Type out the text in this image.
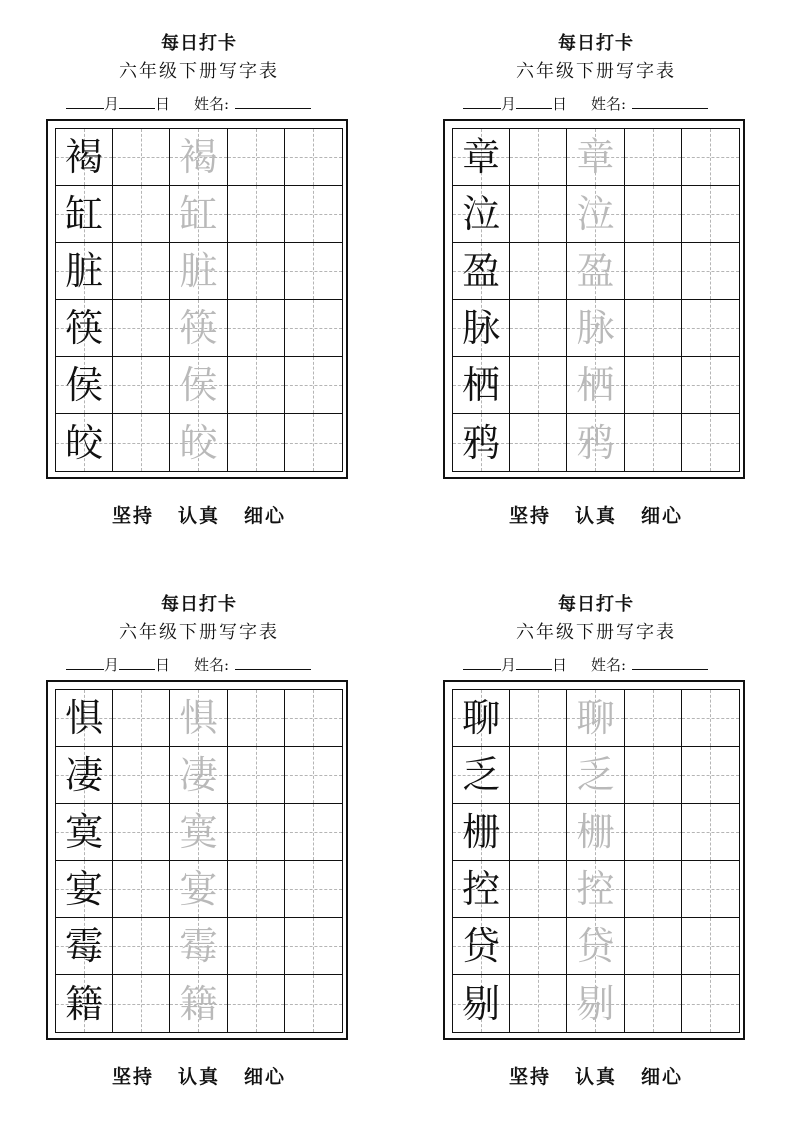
每日打卡
六年级下册写字表
月 日 姓名:
褐 褐
缸 缸
脏 脏
筷 筷
侯 侯
皎 皎
坚持 认真 细心
每日打卡
六年级下册写字表
月 日 姓名:
章 章
泣 泣
盈 盈
脉 脉
栖 栖
鸦 鸦
坚持 认真 细心
每日打卡
六年级下册写字表
月 日 姓名:
惧 惧
凄 凄
寞 寞
宴 宴
霉 霉
籍 籍
坚持 认真 细心
每日打卡
六年级下册写字表
月 日 姓名:
聊 聊
乏 乏
栅 栅
控 控
贷 贷
剔 剔
坚持 认真 细心
